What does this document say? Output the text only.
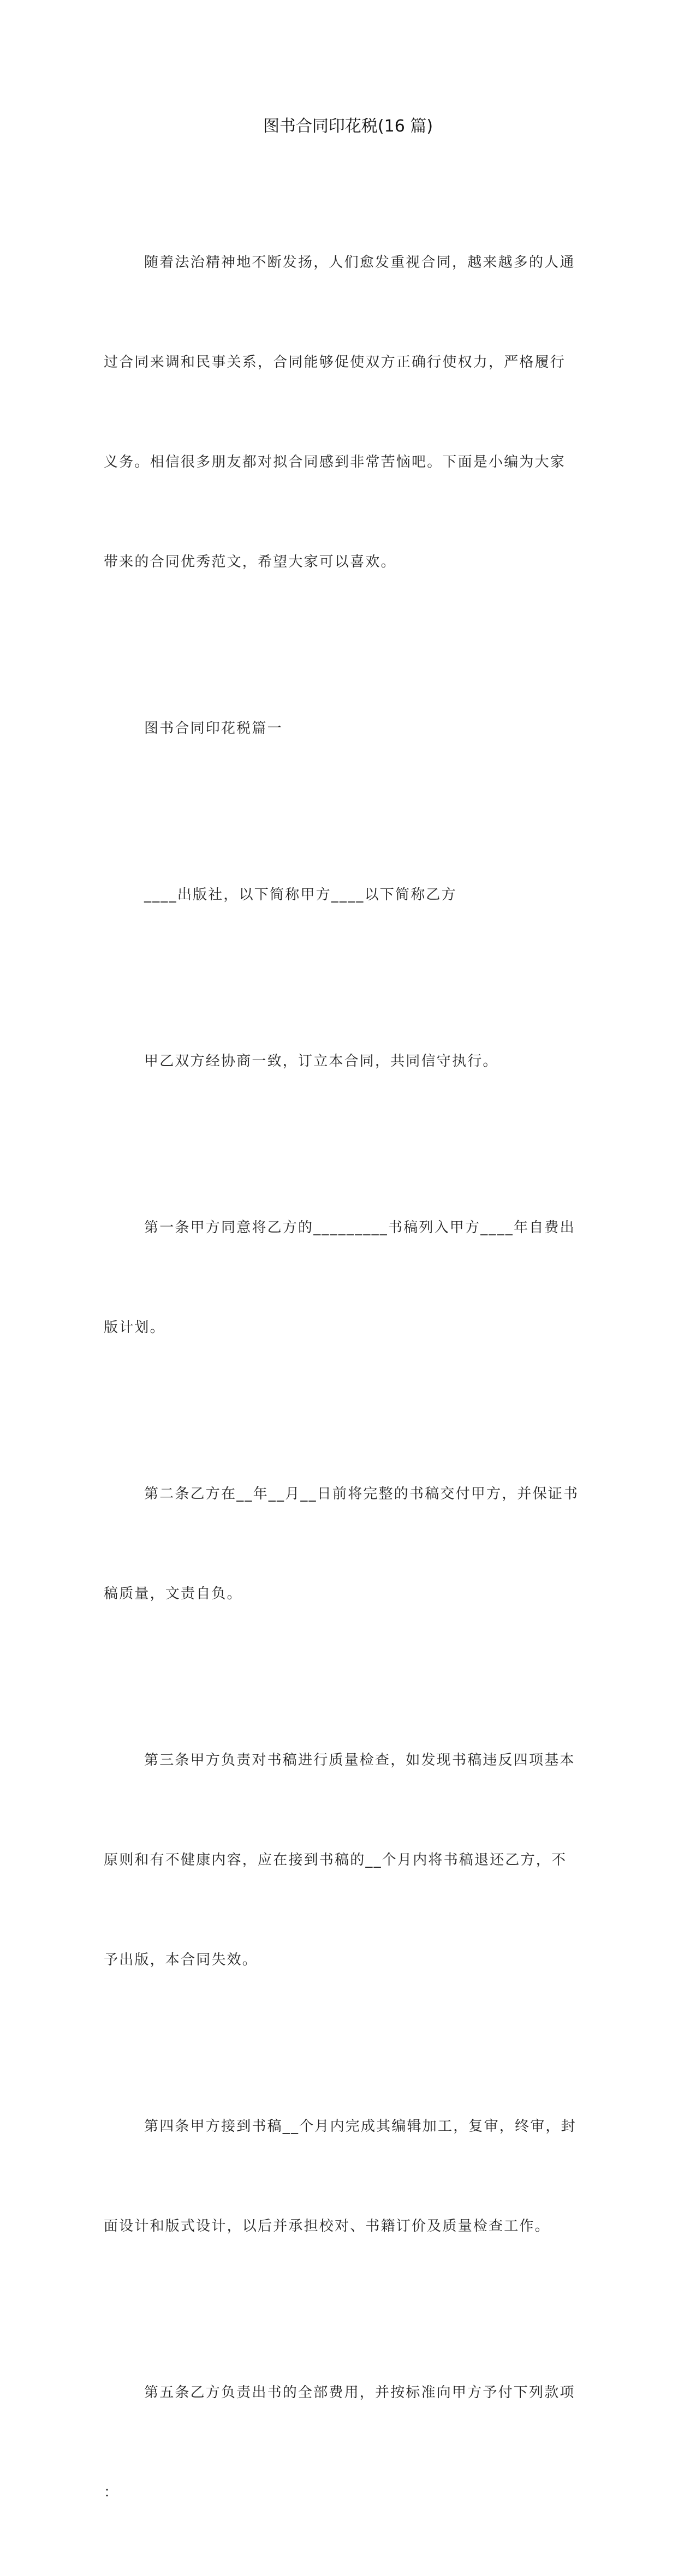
图书合同印花税(16 篇)

随着法治精神地不断发扬，人们愈发重视合同，越来越多的人通

过合同来调和民事关系，合同能够促使双方正确行使权力，严格履行

义务。相信很多朋友都对拟合同感到非常苦恼吧。下面是小编为大家

带来的合同优秀范文，希望大家可以喜欢。

图书合同印花税篇一

____出版社，以下简称甲方____以下简称乙方

甲乙双方经协商一致，订立本合同，共同信守执行。

第一条甲方同意将乙方的_________书稿列入甲方____年自费出

版计划。

第二条乙方在__年__月__日前将完整的书稿交付甲方，并保证书

稿质量，文责自负。

第三条甲方负责对书稿进行质量检查，如发现书稿违反四项基本

原则和有不健康内容，应在接到书稿的__个月内将书稿退还乙方，不

予出版，本合同失效。

第四条甲方接到书稿__个月内完成其编辑加工，复审，终审，封

面设计和版式设计，以后并承担校对、书籍订价及质量检查工作。

第五条乙方负责出书的全部费用，并按标准向甲方予付下列款项

：
